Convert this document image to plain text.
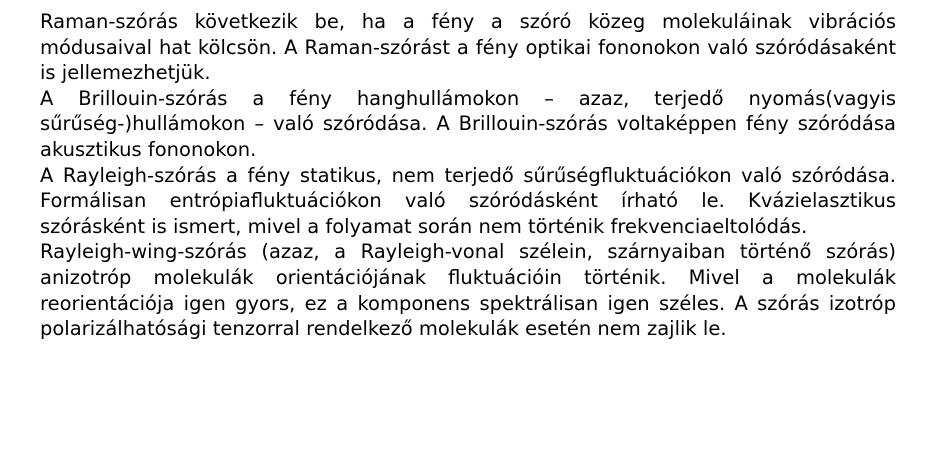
Raman-szórás következik be, ha a fény a szóró közeg molekuláinak vibrációs módusaival hat kölcsön. A Raman-szórást a fény optikai fononokon való szóródásaként is jellemezhetjük.

A Brillouin-szórás a fény hanghullámokon – azaz, terjedő nyomás(vagyis sűrűség-)hullámokon – való szóródása. A Brillouin-szórás voltaképpen fény szóródása akusztikus fononokon.

A Rayleigh-szórás a fény statikus, nem terjedő sűrűségfluktuációkon való szóródása. Formálisan entrópiafluktuációkon való szóródásként írható le. Kvázielasztikus szórásként is ismert, mivel a folyamat során nem történik frekvenciaeltolódás.

Rayleigh-wing-szórás (azaz, a Rayleigh-vonal szélein, szárnyaiban történő szórás) anizotróp molekulák orientációjának fluktuációin történik. Mivel a molekulák reorientációja igen gyors, ez a komponens spektrálisan igen széles. A szórás izotróp polarizálhatósági tenzorral rendelkező molekulák esetén nem zajlik le.
